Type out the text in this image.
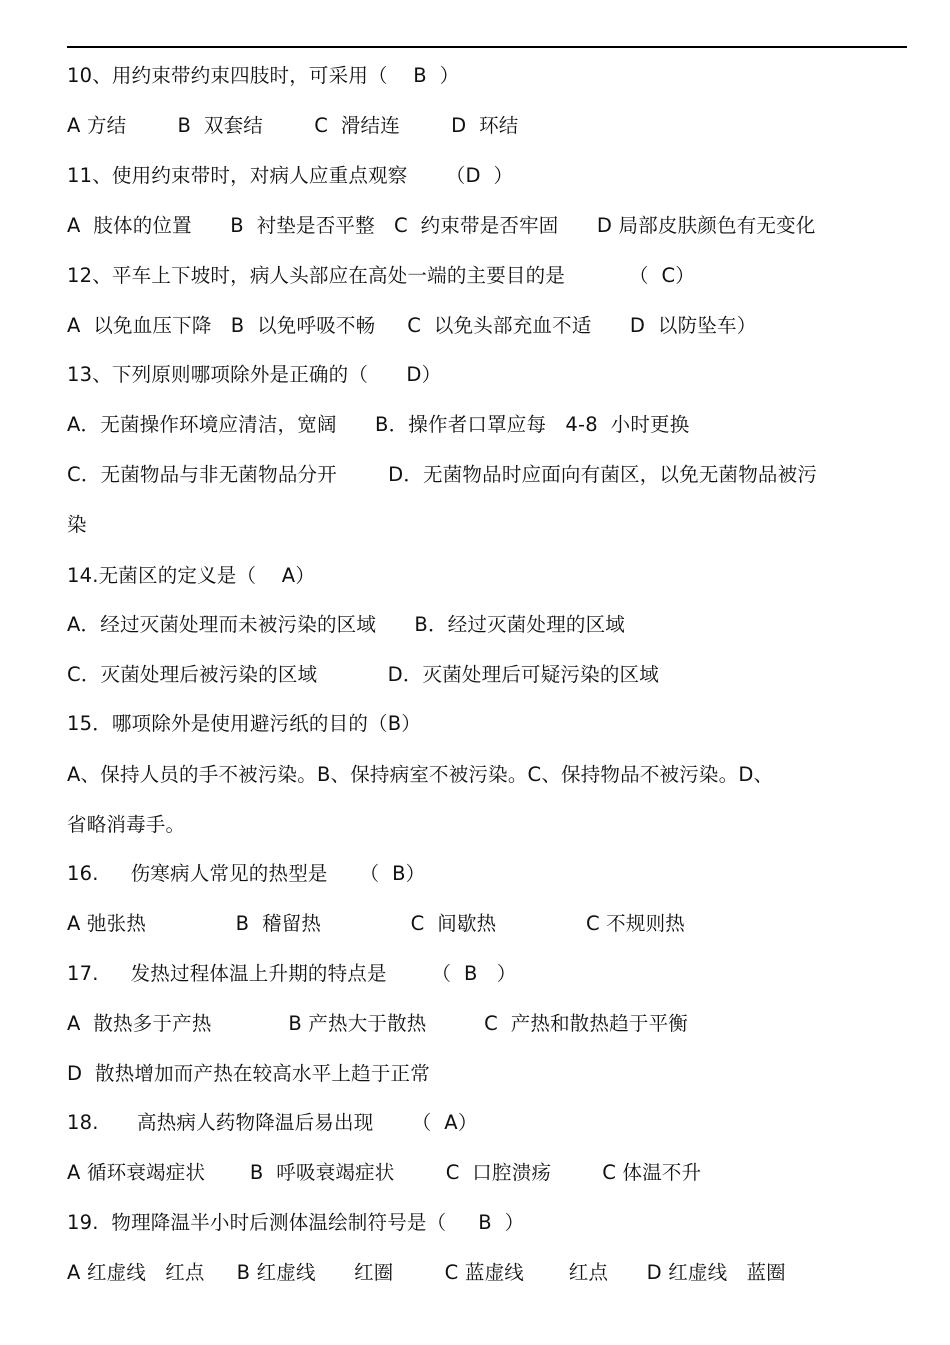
10、用约束带约束四肢时，可采用（    B  ）
A 方结        B  双套结        C  滑结连        D  环结
11、使用约束带时，对病人应重点观察      （D  ）
A  肢体的位置      B  衬垫是否平整   C  约束带是否牢固      D 局部皮肤颜色有无变化
12、平车上下坡时，病人头部应在高处一端的主要目的是          （  C）
A  以免血压下降   B  以免呼吸不畅     C  以免头部充血不适      D  以防坠车）
13、下列原则哪项除外是正确的（      D）
A．无菌操作环境应清洁，宽阔      B．操作者口罩应每   4-8  小时更换
C．无菌物品与非无菌物品分开        D．无菌物品时应面向有菌区，以免无菌物品被污
染
14.无菌区的定义是（    A）
A．经过灭菌处理而未被污染的区域      B．经过灭菌处理的区域
C．灭菌处理后被污染的区域           D．灭菌处理后可疑污染的区域
15．哪项除外是使用避污纸的目的（B）
A、保持人员的手不被污染。B、保持病室不被污染。C、保持物品不被污染。D、
省略消毒手。
16.     伤寒病人常见的热型是     （  B）
A 弛张热              B  稽留热              C  间歇热              C 不规则热
17.     发热过程体温上升期的特点是       （  B   ）
A  散热多于产热            B 产热大于散热         C  产热和散热趋于平衡
D  散热增加而产热在较高水平上趋于正常
18.      高热病人药物降温后易出现      （  A）
A 循环衰竭症状       B  呼吸衰竭症状        C  口腔溃疡        C 体温不升
19.  物理降温半小时后测体温绘制符号是（     B  ）
A 红虚线   红点     B 红虚线      红圈        C 蓝虚线       红点      D 红虚线   蓝圈
